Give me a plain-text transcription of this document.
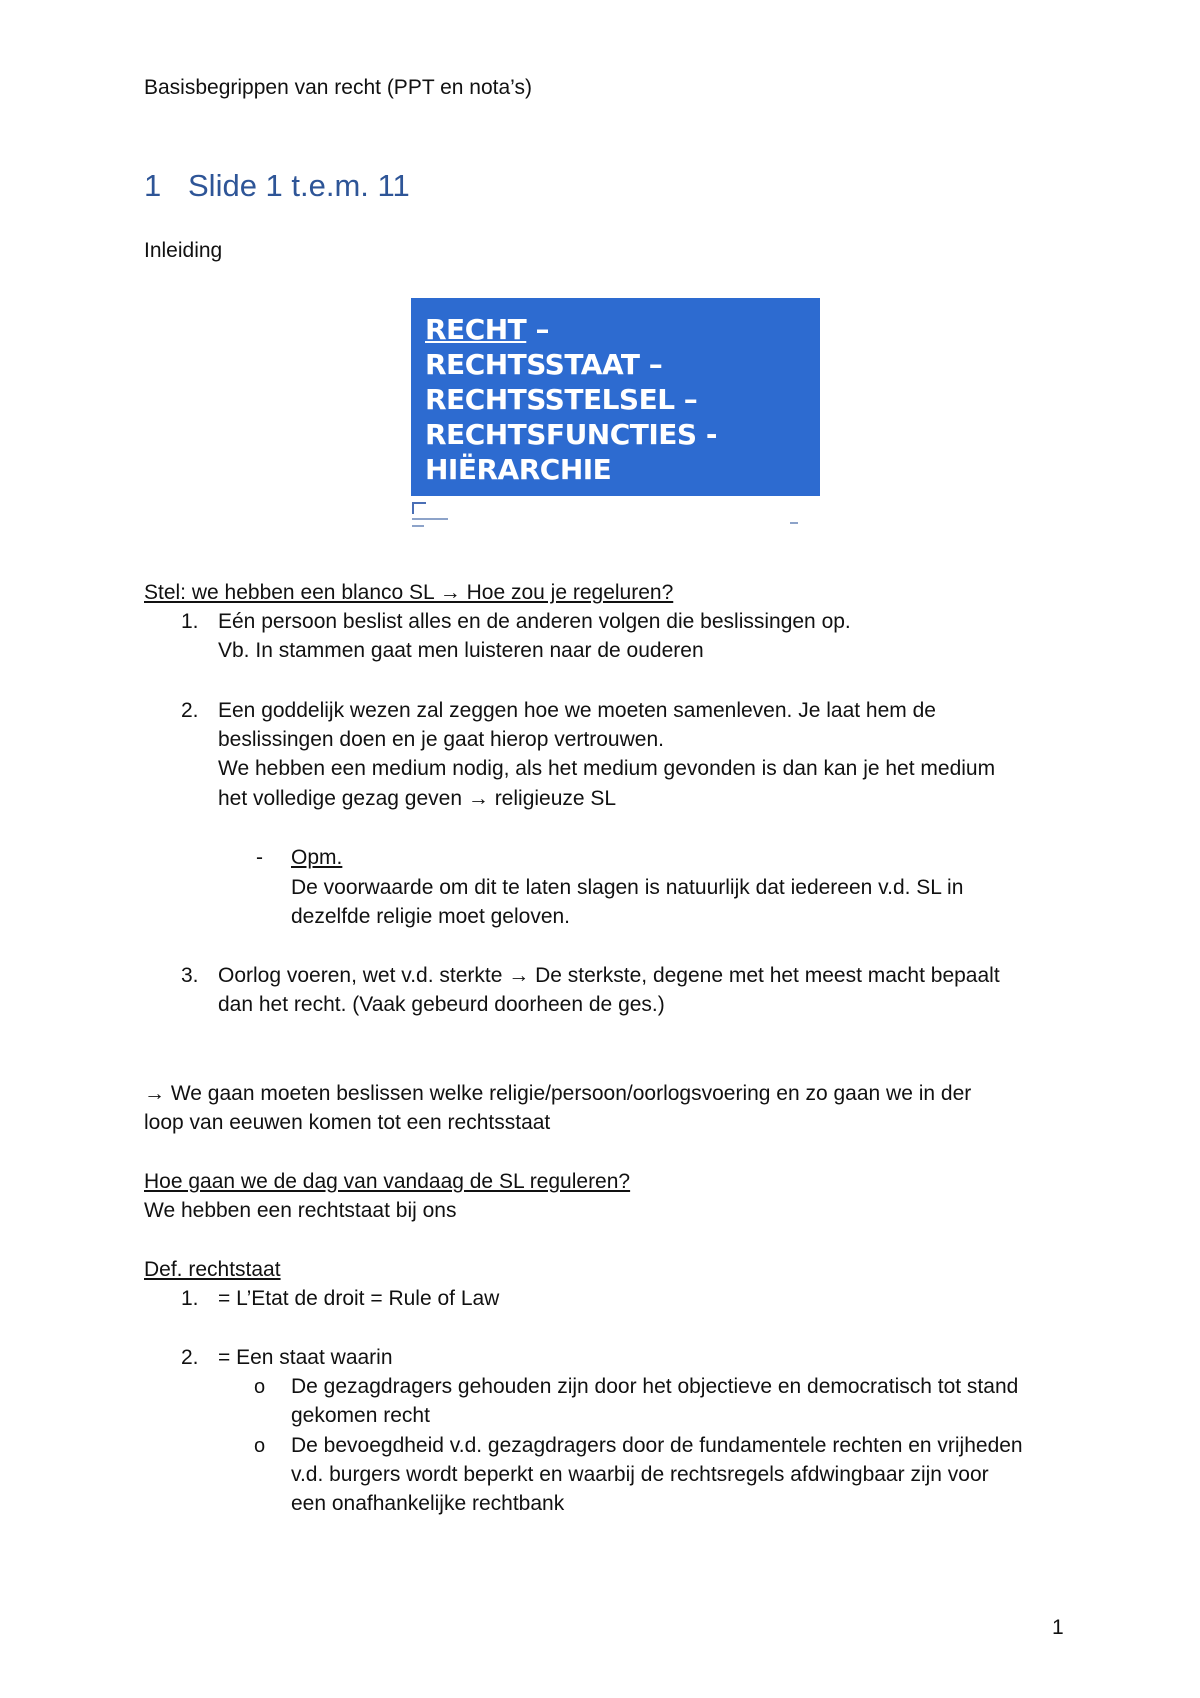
Basisbegrippen van recht (PPT en nota’s)
1 Slide 1 t.e.m. 11
Inleiding
RECHT –
RECHTSSTAAT –
RECHTSSTELSEL –
RECHTSFUNCTIES -
HIËRARCHIE
Stel: we hebben een blanco SL → Hoe zou je regeluren?
1. Eén persoon beslist alles en de anderen volgen die beslissingen op.
Vb. In stammen gaat men luisteren naar de ouderen
2. Een goddelijk wezen zal zeggen hoe we moeten samenleven. Je laat hem de
beslissingen doen en je gaat hierop vertrouwen.
We hebben een medium nodig, als het medium gevonden is dan kan je het medium
het volledige gezag geven → religieuze SL
- Opm.
De voorwaarde om dit te laten slagen is natuurlijk dat iedereen v.d. SL in
dezelfde religie moet geloven.
3. Oorlog voeren, wet v.d. sterkte → De sterkste, degene met het meest macht bepaalt
dan het recht. (Vaak gebeurd doorheen de ges.)
→ We gaan moeten beslissen welke religie/persoon/oorlogsvoering en zo gaan we in der
loop van eeuwen komen tot een rechtsstaat
Hoe gaan we de dag van vandaag de SL reguleren?
We hebben een rechtstaat bij ons
Def. rechtstaat
1. = L’Etat de droit = Rule of Law
2. = Een staat waarin
o De gezagdragers gehouden zijn door het objectieve en democratisch tot stand
gekomen recht
o De bevoegdheid v.d. gezagdragers door de fundamentele rechten en vrijheden
v.d. burgers wordt beperkt en waarbij de rechtsregels afdwingbaar zijn voor
een onafhankelijke rechtbank
1
